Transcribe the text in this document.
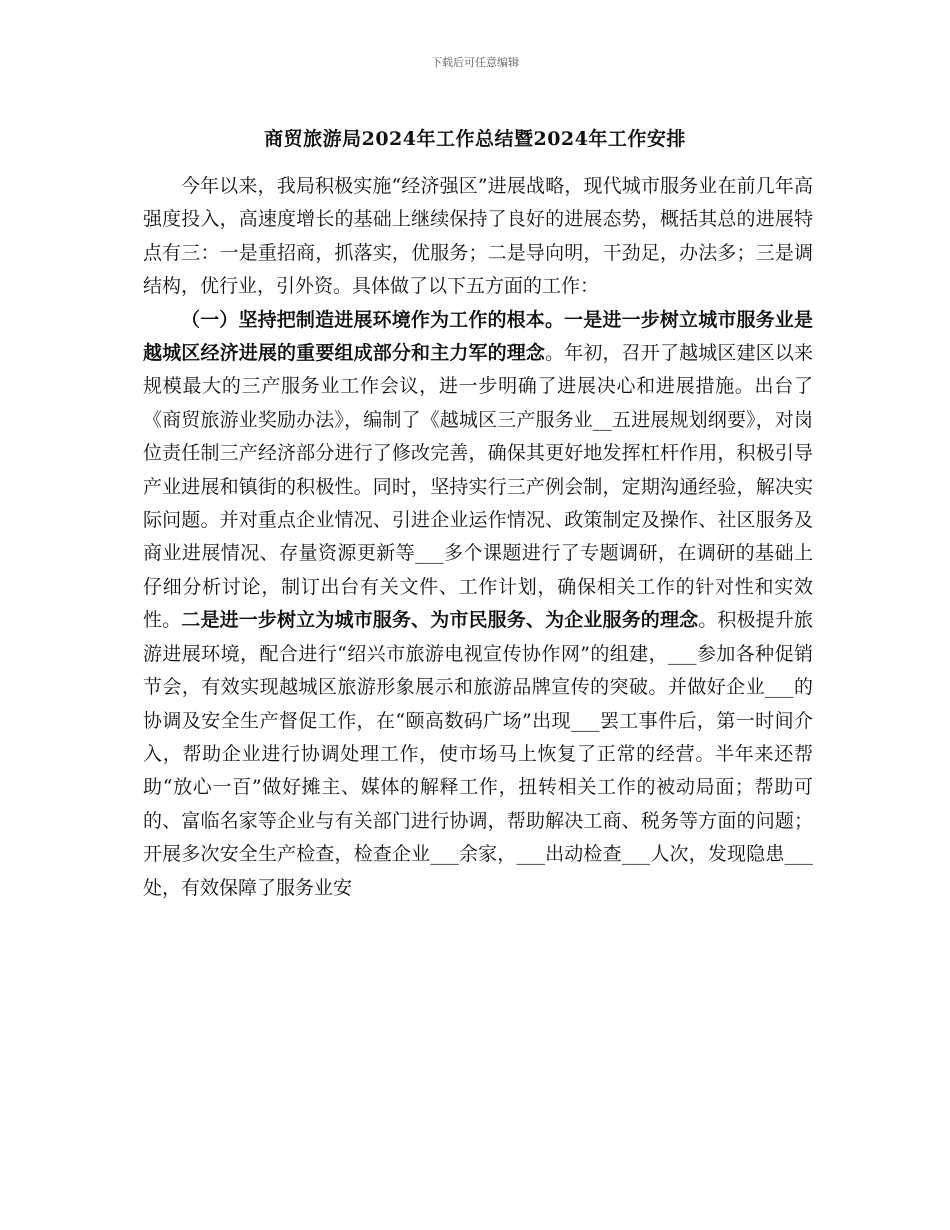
下载后可任意编辑
商贸旅游局2024年工作总结暨2024年工作安排

今年以来，我局积极实施“经济强区”进展战略，现代城市服务业在前几年高强度投入，高速度增长的基础上继续保持了良好的进展态势，概括其总的进展特点有三：一是重招商，抓落实，优服务；二是导向明，干劲足，办法多；三是调结构，优行业，引外资。具体做了以下五方面的工作：

（一）坚持把制造进展环境作为工作的根本。一是进一步树立城市服务业是越城区经济进展的重要组成部分和主力军的理念。年初，召开了越城区建区以来规模最大的三产服务业工作会议，进一步明确了进展决心和进展措施。出台了《商贸旅游业奖励办法》，编制了《越城区三产服务业__五进展规划纲要》，对岗位责任制三产经济部分进行了修改完善，确保其更好地发挥杠杆作用，积极引导产业进展和镇街的积极性。同时，坚持实行三产例会制，定期沟通经验，解决实际问题。并对重点企业情况、引进企业运作情况、政策制定及操作、社区服务及商业进展情况、存量资源更新等___多个课题进行了专题调研，在调研的基础上仔细分析讨论，制订出台有关文件、工作计划，确保相关工作的针对性和实效性。二是进一步树立为城市服务、为市民服务、为企业服务的理念。积极提升旅游进展环境，配合进行“绍兴市旅游电视宣传协作网”的组建，___参加各种促销节会，有效实现越城区旅游形象展示和旅游品牌宣传的突破。并做好企业___的协调及安全生产督促工作，在“颐高数码广场”出现___罢工事件后，第一时间介入，帮助企业进行协调处理工作，使市场马上恢复了正常的经营。半年来还帮助“放心一百”做好摊主、媒体的解释工作，扭转相关工作的被动局面；帮助可的、富临名家等企业与有关部门进行协调，帮助解决工商、税务等方面的问题；开展多次安全生产检查，检查企业___余家，___出动检查___人次，发现隐患___处，有效保障了服务业安
